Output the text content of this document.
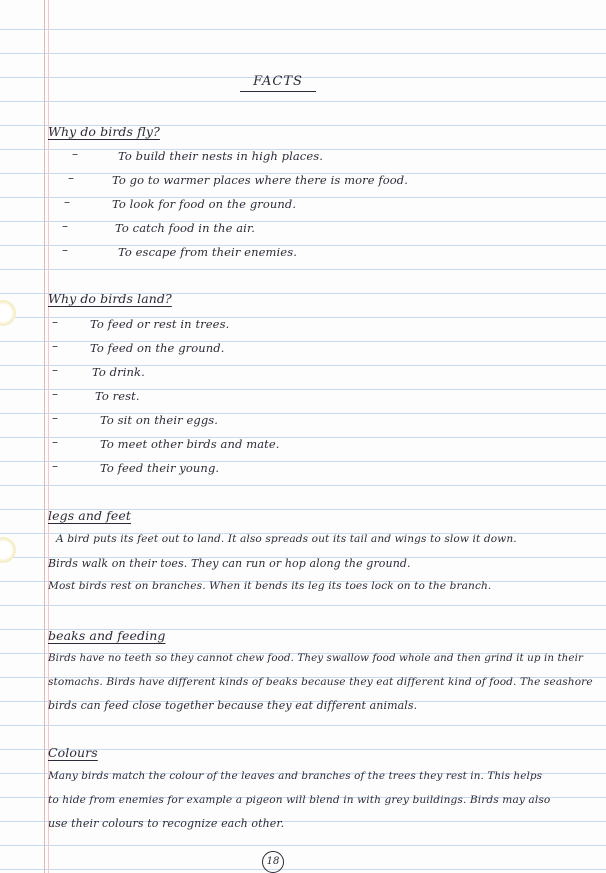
FACTS
Why do birds fly?
–	To build their nests in high places.
–	To go to warmer places where there is more food.
–	To look for food on the ground.
–	To catch food in the air.
–	To escape from their enemies.
Why do birds land?
–	To feed or rest in trees.
–	To feed on the ground.
–	To drink.
–	To rest.
–	To sit on their eggs.
–	To meet other birds and mate.
–	To feed their young.
legs and feet
A bird puts its feet out to land. It also spreads out its tail and wings to slow it down.
Birds walk on their toes. They can run or hop along the ground.
Most birds rest on branches. When it bends its leg its toes lock on to the branch.
beaks and feeding
Birds have no teeth so they cannot chew food. They swallow food whole and then grind it up in their
stomachs. Birds have different kinds of beaks because they eat different kind of food. The seashore
birds can feed close together because they eat different animals.
Colours
Many birds match the colour of the leaves and branches of the trees they rest in. This helps
to hide from enemies for example a pigeon will blend in with grey buildings. Birds may also
use their colours to recognize each other.
18
